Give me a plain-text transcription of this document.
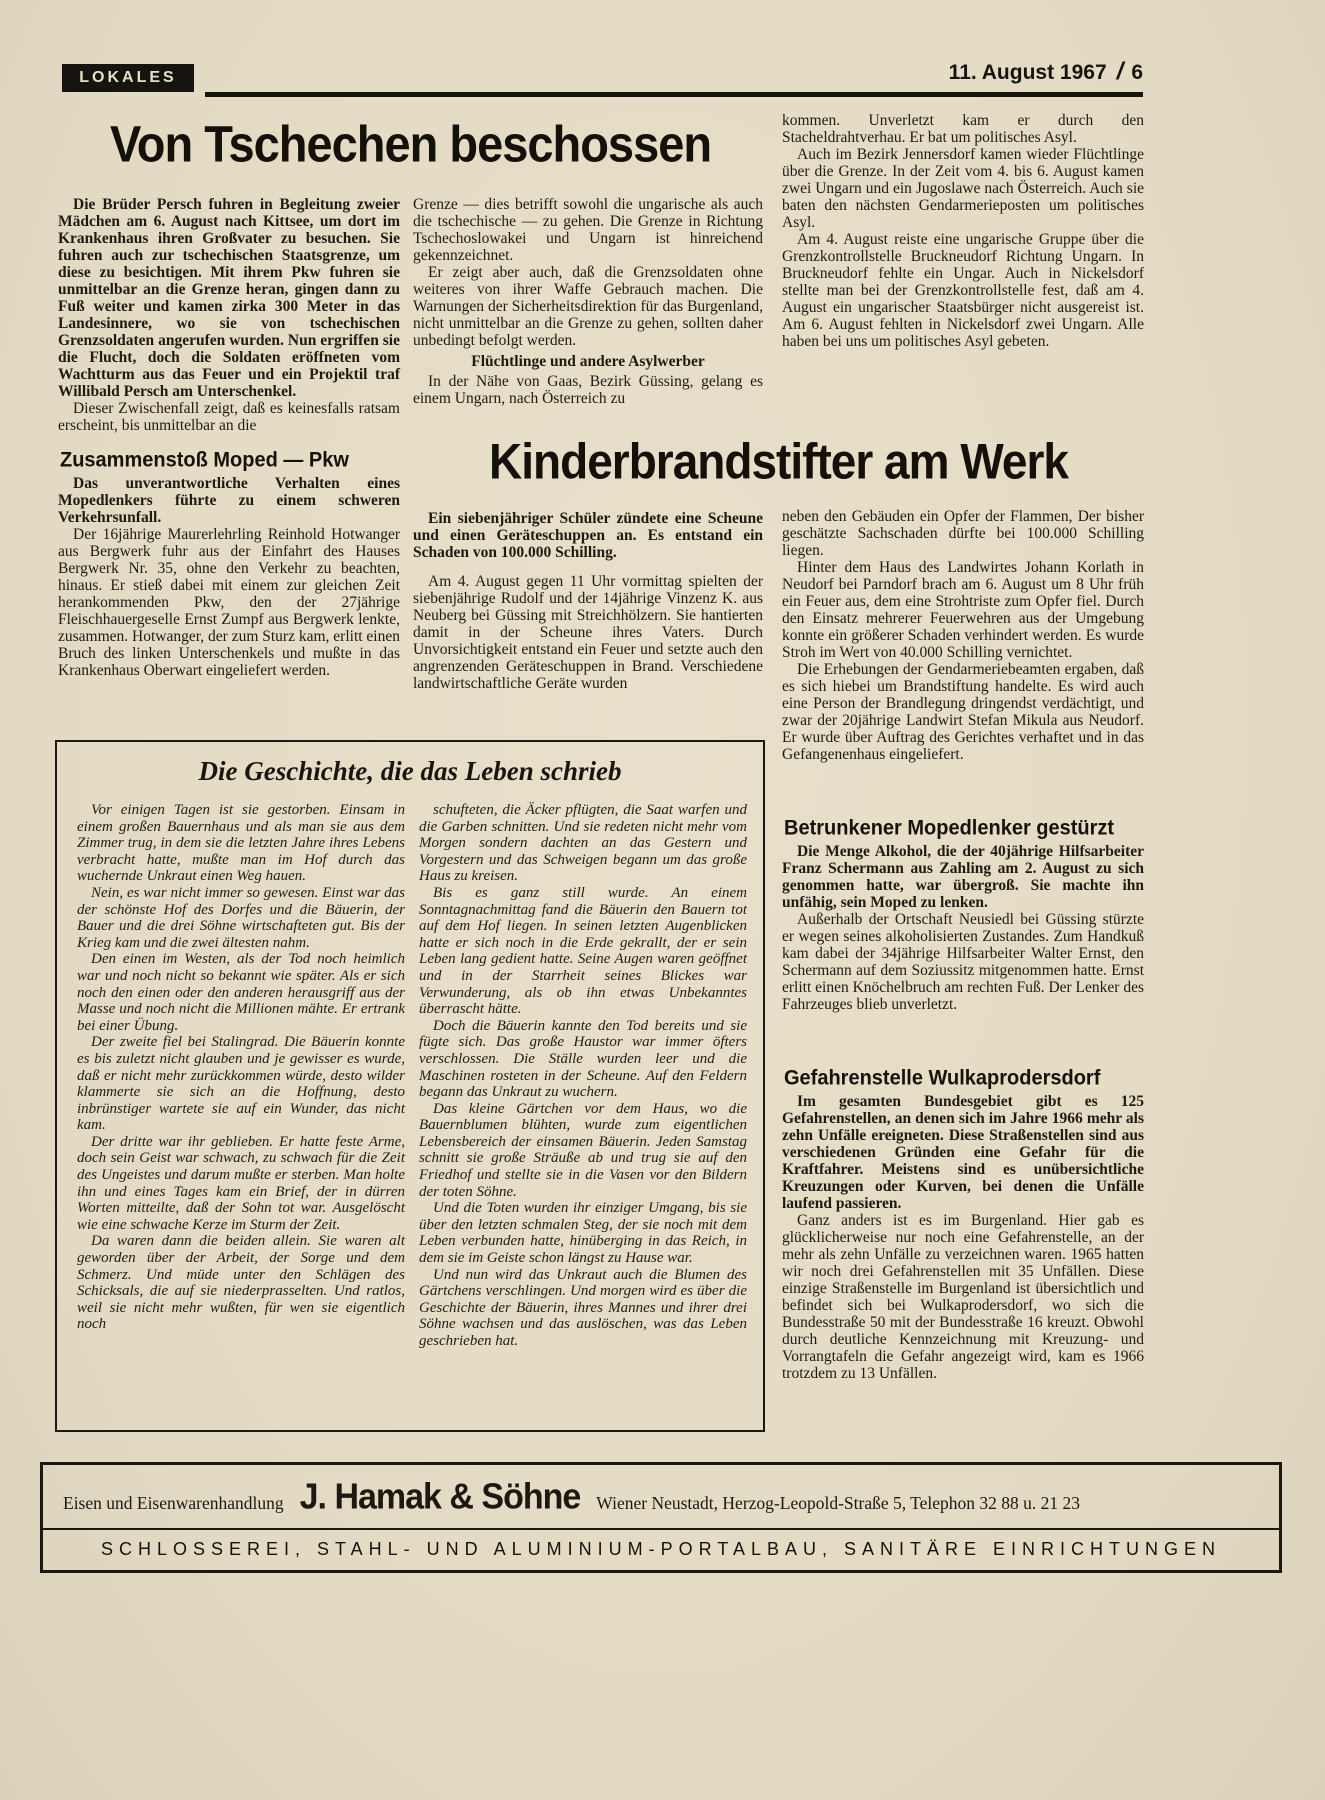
LOKALES	11. August 1967 / 6
Von Tschechen beschossen

Die Brüder Persch fuhren in Begleitung zweier Mädchen am 6. August nach Kittsee, um dort im Krankenhaus ihren Großvater zu besuchen. Sie fuhren auch zur tschechischen Staatsgrenze, um diese zu besichtigen. Mit ihrem Pkw fuhren sie unmittelbar an die Grenze heran, gingen dann zu Fuß weiter und kamen zirka 300 Meter in das Landesinnere, wo sie von tschechischen Grenzsoldaten angerufen wurden. Nun ergriffen sie die Flucht, doch die Soldaten eröffneten vom Wachtturm aus das Feuer und ein Projektil traf Willibald Persch am Unterschenkel.

Dieser Zwischenfall zeigt, daß es keinesfalls ratsam erscheint, bis unmittelbar an die

Grenze — dies betrifft sowohl die ungarische als auch die tschechische — zu gehen. Die Grenze in Richtung Tschechoslowakei und Ungarn ist hinreichend gekennzeichnet.

Er zeigt aber auch, daß die Grenzsoldaten ohne weiteres von ihrer Waffe Gebrauch machen. Die Warnungen der Sicherheitsdirektion für das Burgenland, nicht unmittelbar an die Grenze zu gehen, sollten daher unbedingt befolgt werden.

Flüchtlinge und andere Asylwerber

In der Nähe von Gaas, Bezirk Güssing, gelang es einem Ungarn, nach Österreich zu

kommen. Unverletzt kam er durch den Stacheldrahtverhau. Er bat um politisches Asyl.

Auch im Bezirk Jennersdorf kamen wieder Flüchtlinge über die Grenze. In der Zeit vom 4. bis 6. August kamen zwei Ungarn und ein Jugoslawe nach Österreich. Auch sie baten den nächsten Gendarmerieposten um politisches Asyl.

Am 4. August reiste eine ungarische Gruppe über die Grenzkontrollstelle Bruckneudorf Richtung Ungarn. In Bruckneudorf fehlte ein Ungar. Auch in Nickelsdorf stellte man bei der Grenzkontrollstelle fest, daß am 4. August ein ungarischer Staatsbürger nicht ausgereist ist. Am 6. August fehlten in Nickelsdorf zwei Ungarn. Alle haben bei uns um politisches Asyl gebeten.

Zusammenstoß Moped — Pkw

Das unverantwortliche Verhalten eines Mopedlenkers führte zu einem schweren Verkehrsunfall.

Der 16jährige Maurerlehrling Reinhold Hotwanger aus Bergwerk fuhr aus der Einfahrt des Hauses Bergwerk Nr. 35, ohne den Verkehr zu beachten, hinaus. Er stieß dabei mit einem zur gleichen Zeit herankommenden Pkw, den der 27jährige Fleischhauergeselle Ernst Zumpf aus Bergwerk lenkte, zusammen. Hotwanger, der zum Sturz kam, erlitt einen Bruch des linken Unterschenkels und mußte in das Krankenhaus Oberwart eingeliefert werden.

Kinderbrandstifter am Werk

Ein siebenjähriger Schüler zündete eine Scheune und einen Geräteschuppen an. Es entstand ein Schaden von 100.000 Schilling.

Am 4. August gegen 11 Uhr vormittag spielten der siebenjährige Rudolf und der 14jährige Vinzenz K. aus Neuberg bei Güssing mit Streichhölzern. Sie hantierten damit in der Scheune ihres Vaters. Durch Unvorsichtigkeit entstand ein Feuer und setzte auch den angrenzenden Geräteschuppen in Brand. Verschiedene landwirtschaftliche Geräte wurden

neben den Gebäuden ein Opfer der Flammen, Der bisher geschätzte Sachschaden dürfte bei 100.000 Schilling liegen.

Hinter dem Haus des Landwirtes Johann Korlath in Neudorf bei Parndorf brach am 6. August um 8 Uhr früh ein Feuer aus, dem eine Strohtriste zum Opfer fiel. Durch den Einsatz mehrerer Feuerwehren aus der Umgebung konnte ein größerer Schaden verhindert werden. Es wurde Stroh im Wert von 40.000 Schilling vernichtet.

Die Erhebungen der Gendarmeriebeamten ergaben, daß es sich hiebei um Brandstiftung handelte. Es wird auch eine Person der Brandlegung dringendst verdächtigt, und zwar der 20jährige Landwirt Stefan Mikula aus Neudorf. Er wurde über Auftrag des Gerichtes verhaftet und in das Gefangenenhaus eingeliefert.

Betrunkener Mopedlenker gestürzt

Die Menge Alkohol, die der 40jährige Hilfsarbeiter Franz Schermann aus Zahling am 2. August zu sich genommen hatte, war übergroß. Sie machte ihn unfähig, sein Moped zu lenken.

Außerhalb der Ortschaft Neusiedl bei Güssing stürzte er wegen seines alkoholisierten Zustandes. Zum Handkuß kam dabei der 34jährige Hilfsarbeiter Walter Ernst, den Schermann auf dem Soziussitz mitgenommen hatte. Ernst erlitt einen Knöchelbruch am rechten Fuß. Der Lenker des Fahrzeuges blieb unverletzt.

Gefahrenstelle Wulkaprodersdorf

Im gesamten Bundesgebiet gibt es 125 Gefahrenstellen, an denen sich im Jahre 1966 mehr als zehn Unfälle ereigneten. Diese Straßenstellen sind aus verschiedenen Gründen eine Gefahr für die Kraftfahrer. Meistens sind es unübersichtliche Kreuzungen oder Kurven, bei denen die Unfälle laufend passieren.

Ganz anders ist es im Burgenland. Hier gab es glücklicherweise nur noch eine Gefahrenstelle, an der mehr als zehn Unfälle zu verzeichnen waren. 1965 hatten wir noch drei Gefahrenstellen mit 35 Unfällen. Diese einzige Straßenstelle im Burgenland ist übersichtlich und befindet sich bei Wulkaprodersdorf, wo sich die Bundesstraße 50 mit der Bundesstraße 16 kreuzt. Obwohl durch deutliche Kennzeichnung mit Kreuzung- und Vorrangtafeln die Gefahr angezeigt wird, kam es 1966 trotzdem zu 13 Unfällen.

Die Geschichte, die das Leben schrieb

Vor einigen Tagen ist sie gestorben. Einsam in einem großen Bauernhaus und als man sie aus dem Zimmer trug, in dem sie die letzten Jahre ihres Lebens verbracht hatte, mußte man im Hof durch das wuchernde Unkraut einen Weg hauen.

Nein, es war nicht immer so gewesen. Einst war das der schönste Hof des Dorfes und die Bäuerin, der Bauer und die drei Söhne wirtschafteten gut. Bis der Krieg kam und die zwei ältesten nahm.

Den einen im Westen, als der Tod noch heimlich war und noch nicht so bekannt wie später. Als er sich noch den einen oder den anderen herausgriff aus der Masse und noch nicht die Millionen mähte. Er ertrank bei einer Übung.

Der zweite fiel bei Stalingrad. Die Bäuerin konnte es bis zuletzt nicht glauben und je gewisser es wurde, daß er nicht mehr zurückkommen würde, desto wilder klammerte sie sich an die Hoffnung, desto inbrünstiger wartete sie auf ein Wunder, das nicht kam.

Der dritte war ihr geblieben. Er hatte feste Arme, doch sein Geist war schwach, zu schwach für die Zeit des Ungeistes und darum mußte er sterben. Man holte ihn und eines Tages kam ein Brief, der in dürren Worten mitteilte, daß der Sohn tot war. Ausgelöscht wie eine schwache Kerze im Sturm der Zeit.

Da waren dann die beiden allein. Sie waren alt geworden über der Arbeit, der Sorge und dem Schmerz. Und müde unter den Schlägen des Schicksals, die auf sie niederprasselten. Und ratlos, weil sie nicht mehr wußten, für wen sie eigentlich noch

schufteten, die Äcker pflügten, die Saat warfen und die Garben schnitten. Und sie redeten nicht mehr vom Morgen sondern dachten an das Gestern und Vorgestern und das Schweigen begann um das große Haus zu kreisen.

Bis es ganz still wurde. An einem Sonntagnachmittag fand die Bäuerin den Bauern tot auf dem Hof liegen. In seinen letzten Augenblicken hatte er sich noch in die Erde gekrallt, der er sein Leben lang gedient hatte. Seine Augen waren geöffnet und in der Starrheit seines Blickes war Verwunderung, als ob ihn etwas Unbekanntes überrascht hätte.

Doch die Bäuerin kannte den Tod bereits und sie fügte sich. Das große Haustor war immer öfters verschlossen. Die Ställe wurden leer und die Maschinen rosteten in der Scheune. Auf den Feldern begann das Unkraut zu wuchern.

Das kleine Gärtchen vor dem Haus, wo die Bauernblumen blühten, wurde zum eigentlichen Lebensbereich der einsamen Bäuerin. Jeden Samstag schnitt sie große Sträuße ab und trug sie auf den Friedhof und stellte sie in die Vasen vor den Bildern der toten Söhne.

Und die Toten wurden ihr einziger Umgang, bis sie über den letzten schmalen Steg, der sie noch mit dem Leben verbunden hatte, hinüberging in das Reich, in dem sie im Geiste schon längst zu Hause war.

Und nun wird das Unkraut auch die Blumen des Gärtchens verschlingen. Und morgen wird es über die Geschichte der Bäuerin, ihres Mannes und ihrer drei Söhne wachsen und das auslöschen, was das Leben geschrieben hat.

Eisen und Eisenwarenhandlung J. Hamak & Söhne Wiener Neustadt, Herzog-Leopold-Straße 5, Telephon 32 88 u. 21 23
SCHLOSSEREI, STAHL- UND ALUMINIUM-PORTALBAU, SANITÄRE EINRICHTUNGEN
